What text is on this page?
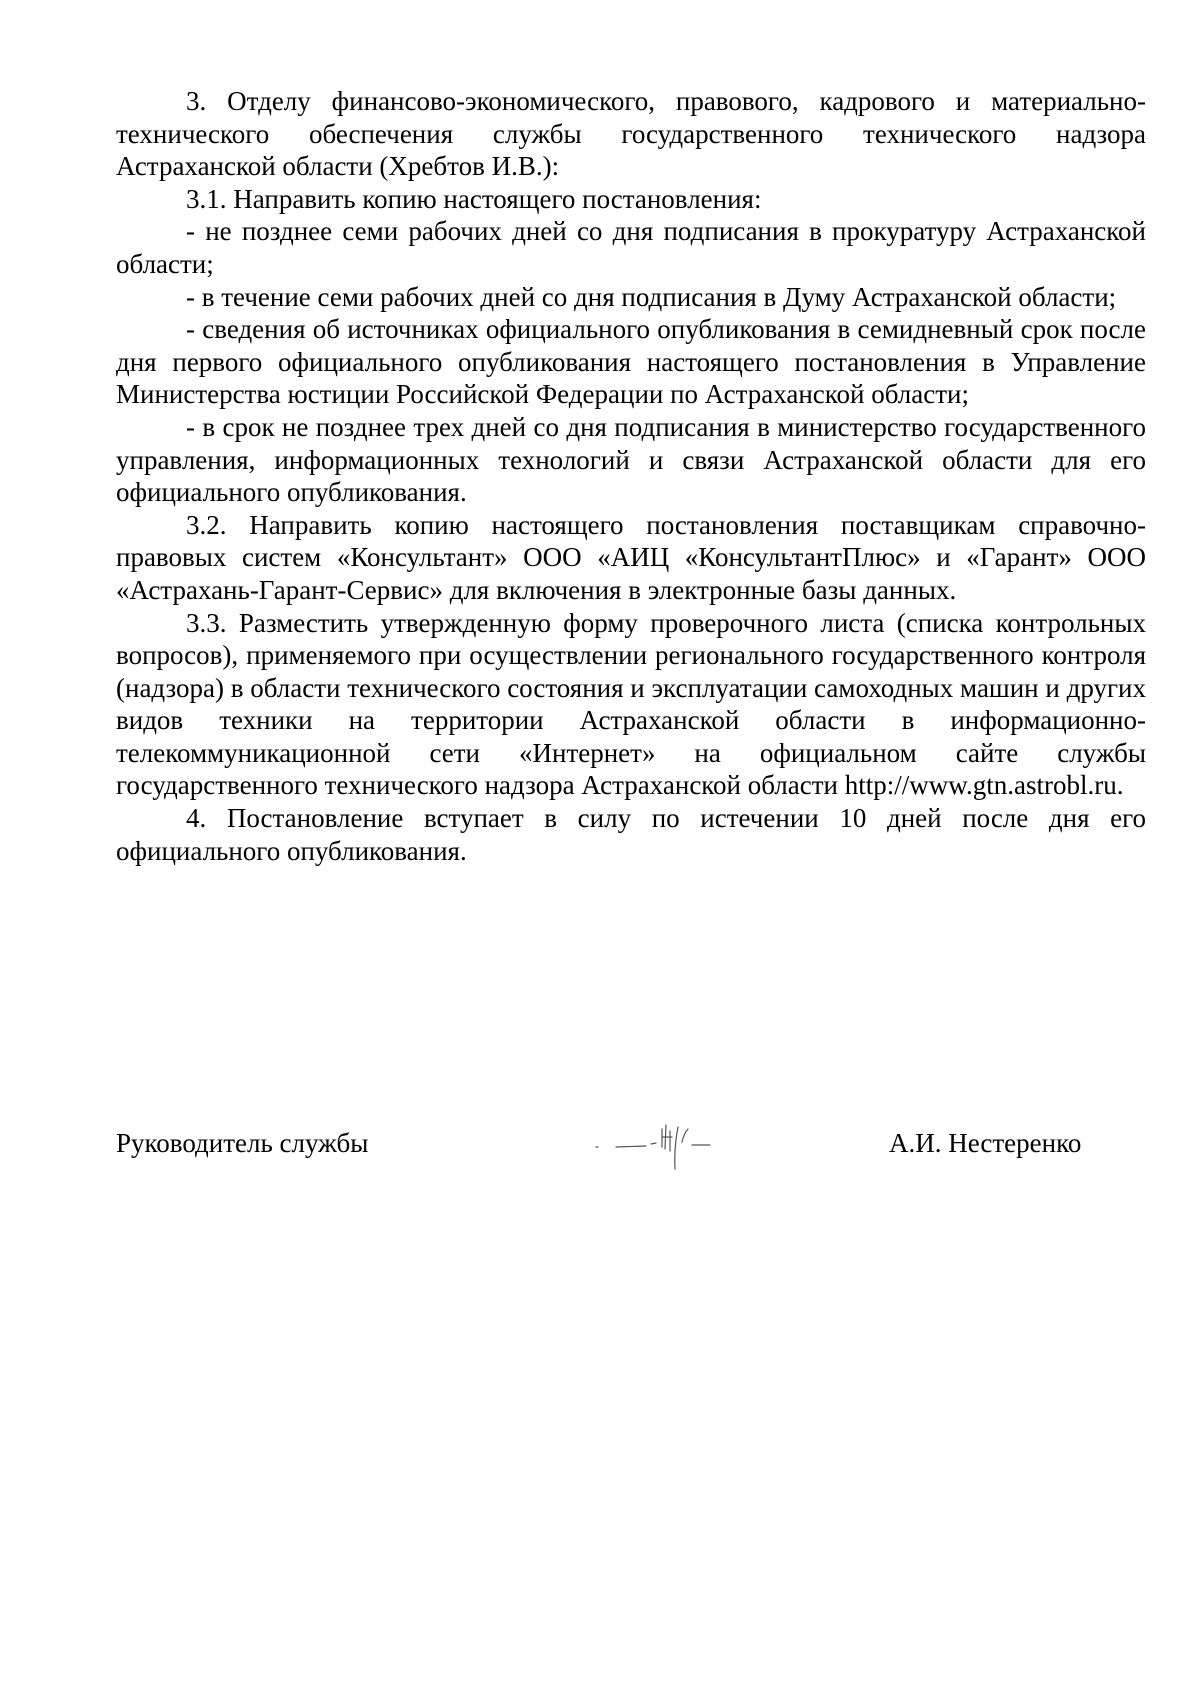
3. Отделу финансово-экономического, правового, кадрового и материально-технического обеспечения службы государственного технического надзора Астраханской области (Хребтов И.В.):

3.1. Направить копию настоящего постановления:

- не позднее семи рабочих дней со дня подписания в прокуратуру Астраханской области;

- в течение семи рабочих дней со дня подписания в Думу Астраханской области;

- сведения об источниках официального опубликования в семидневный срок после дня первого официального опубликования настоящего постановления в Управление Министерства юстиции Российской Федерации по Астраханской области;

- в срок не позднее трех дней со дня подписания в министерство государственного управления, информационных технологий и связи Астраханской области для его официального опубликования.

3.2. Направить копию настоящего постановления поставщикам справочно-правовых систем «Консультант» ООО «АИЦ «КонсультантПлюс» и «Гарант» ООО «Астрахань-Гарант-Сервис» для включения в электронные базы данных.

3.3. Разместить утвержденную форму проверочного листа (списка контрольных вопросов), применяемого при осуществлении регионального государственного контроля (надзора) в области технического состояния и эксплуатации самоходных машин и других видов техники на территории Астраханской области в информационно-телекоммуникационной сети «Интернет» на официальном сайте службы государственного технического надзора Астраханской области http://www.gtn.astrobl.ru.

4. Постановление вступает в силу по истечении 10 дней после дня его официального опубликования.

Руководитель службы	А.И. Нестеренко
